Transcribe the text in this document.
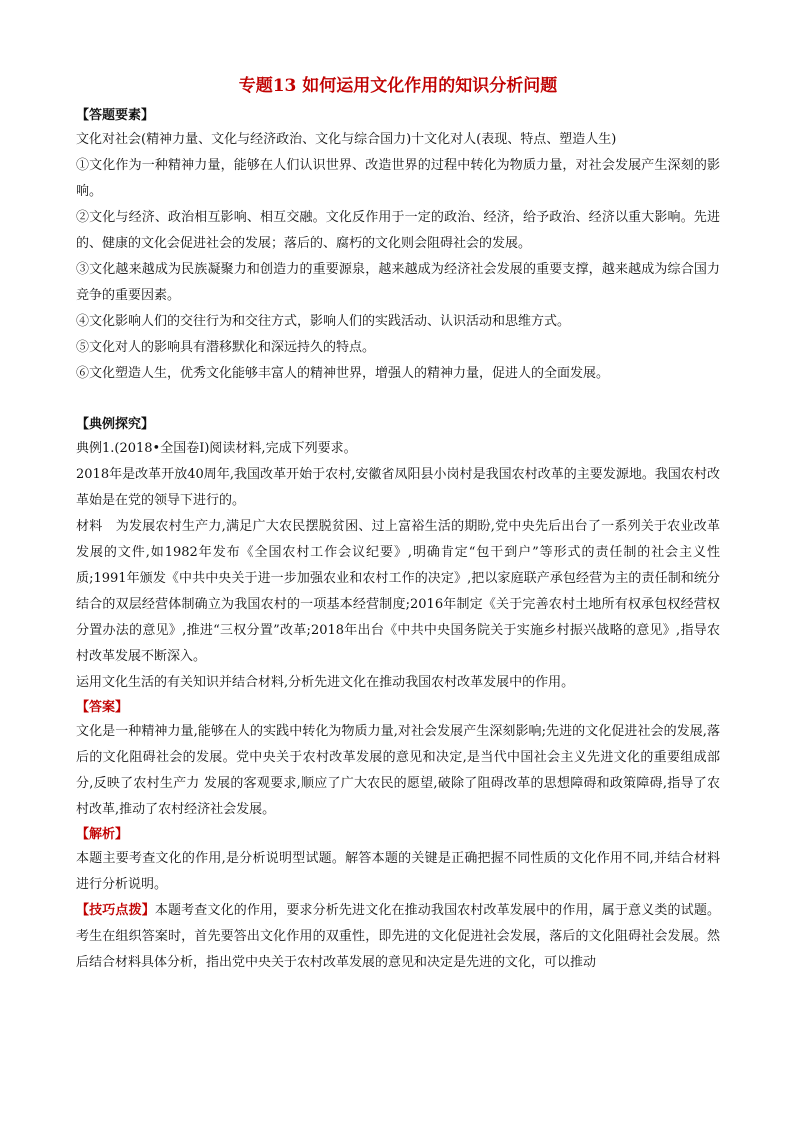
专题13 如何运用文化作用的知识分析问题
【答题要素】

文化对社会(精神力量、文化与经济政治、文化与综合国力)十文化对人(表现、特点、塑造人生)

①文化作为一种精神力量，能够在人们认识世界、改造世界的过程中转化为物质力量，对社会发展产生深刻的影响。

②文化与经济、政治相互影响、相互交融。文化反作用于一定的政治、经济，给予政治、经济以重大影响。先进的、健康的文化会促进社会的发展；落后的、腐朽的文化则会阻碍社会的发展。

③文化越来越成为民族凝聚力和创造力的重要源泉，越来越成为经济社会发展的重要支撑，越来越成为综合国力竞争的重要因素。

④文化影响人们的交往行为和交往方式，影响人们的实践活动、认识活动和思维方式。

⑤文化对人的影响具有潜移默化和深远持久的特点。

⑥文化塑造人生，优秀文化能够丰富人的精神世界，增强人的精神力量，促进人的全面发展。

【典例探究】

典例1.(2018•全国卷Ⅰ)阅读材料,完成下列要求。

2018年是改革开放40周年,我国改革开始于农村,安徽省凤阳县小岗村是我国农村改革的主要发源地。我国农村改革始是在党的领导下进行的。

材料　为发展农村生产力,满足广大农民摆脱贫困、过上富裕生活的期盼,党中央先后出台了一系列关于农业改革发展的文件,如1982年发布《全国农村工作会议纪要》,明确肯定“包干到户”等形式的责任制的社会主义性质;1991年颁发《中共中央关于进一步加强农业和农村工作的决定》,把以家庭联产承包经营为主的责任制和统分结合的双层经营体制确立为我国农村的一项基本经营制度;2016年制定《关于完善农村土地所有权承包权经营权分置办法的意见》,推进“三权分置”改革;2018年出台《中共中央国务院关于实施乡村振兴战略的意见》,指导农村改革发展不断深入。

运用文化生活的有关知识并结合材料,分析先进文化在推动我国农村改革发展中的作用。

【答案】

文化是一种精神力量,能够在人的实践中转化为物质力量,对社会发展产生深刻影响;先进的文化促进社会的发展,落后的文化阻碍社会的发展。党中央关于农村改革发展的意见和决定,是当代中国社会主义先进文化的重要组成部分,反映了农村生产力 发展的客观要求,顺应了广大农民的愿望,破除了阻碍改革的思想障碍和政策障碍,指导了农村改革,推动了农村经济社会发展。

【解析】

本题主要考查文化的作用,是分析说明型试题。解答本题的关键是正确把握不同性质的文化作用不同,并结合材料进行分析说明。

【技巧点拨】本题考查文化的作用，要求分析先进文化在推动我国农村改革发展中的作用，属于意义类的试题。考生在组织答案时，首先要答出文化作用的双重性，即先进的文化促进社会发展，落后的文化阻碍社会发展。然后结合材料具体分析，指出党中央关于农村改革发展的意见和决定是先进的文化，可以推动
